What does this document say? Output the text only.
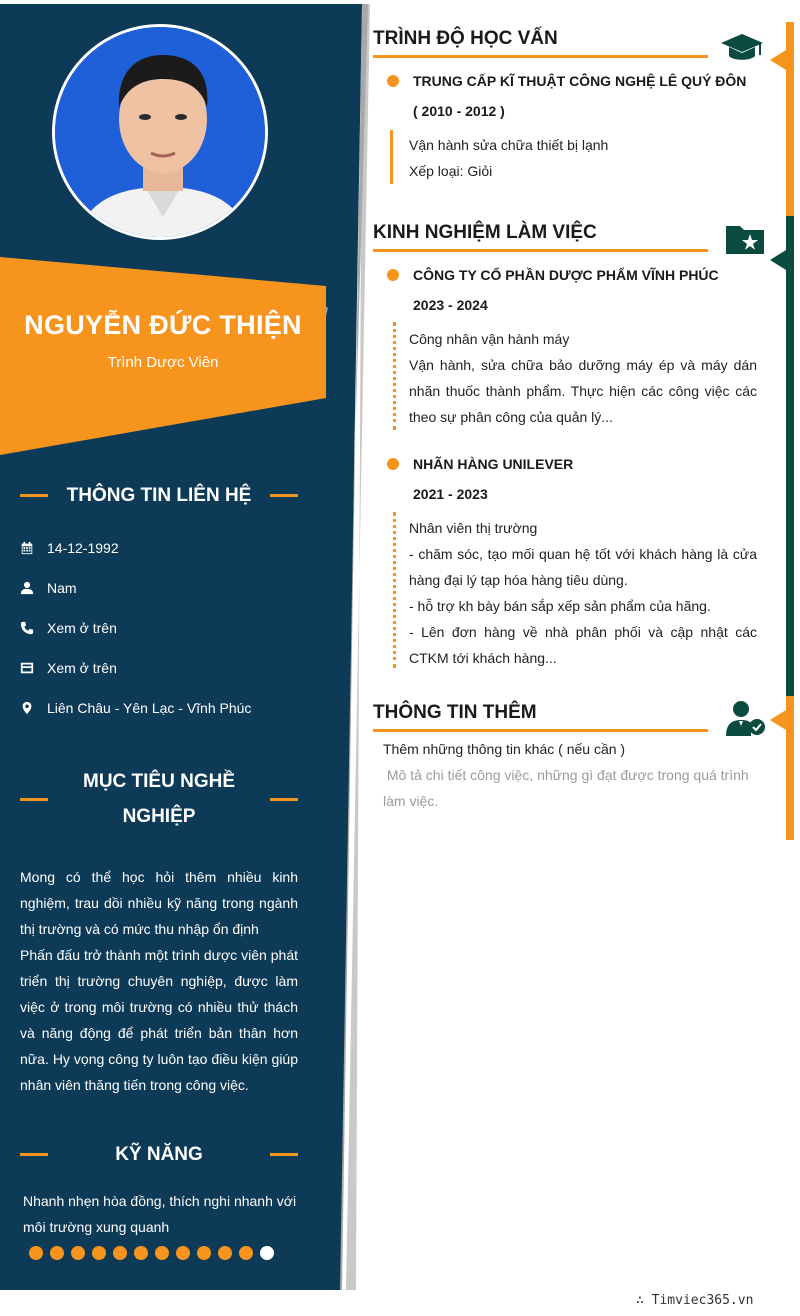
NGUYỄN ĐỨC THIỆN
Trình Dược Viên
THÔNG TIN LIÊN HỆ
14-12-1992
Nam
Xem ở trên
Xem ở trên
Liên Châu - Yên Lạc - Vĩnh Phúc
MỤC TIÊU NGHỀ
NGHIỆP
Mong có thể học hỏi thêm nhiều kinh nghiệm, trau dồi nhiều kỹ năng trong ngành thị trường và có mức thu nhập ổn định
Phấn đấu trở thành một trình dược viên phát triển thị trường chuyên nghiệp, được làm việc ở trong môi trường có nhiều thử thách và năng động để phát triển bản thân hơn nữa. Hy vọng công ty luôn tạo điều kiện giúp nhân viên thăng tiến trong công việc.
KỸ NĂNG
Nhanh nhẹn hòa đồng, thích nghi nhanh với môi trường xung quanh
TRÌNH ĐỘ HỌC VẤN
TRUNG CẤP KĨ THUẬT CÔNG NGHỆ LÊ QUÝ ĐÔN
( 2010 - 2012 )
Vận hành sửa chữa thiết bị lạnh
Xếp loại: Giỏi
KINH NGHIỆM LÀM VIỆC
CÔNG TY CỔ PHẦN DƯỢC PHẨM VĨNH PHÚC
2023 - 2024
Công nhân vận hành máy
Vận hành, sửa chữa bảo dưỡng máy ép và máy dán nhãn thuốc thành phẩm. Thực hiện các công việc các theo sự phân công của quản lý...
NHÃN HÀNG UNILEVER
2021 - 2023
Nhân viên thị trường
- chăm sóc, tạo mối quan hệ tốt với khách hàng là cửa hàng đại lý tạp hóa hàng tiêu dùng.
- hỗ trợ kh bày bán sắp xếp sản phẩm của hãng.
- Lên đơn hàng về nhà phân phối và cập nhật các CTKM tới khách hàng...
THÔNG TIN THÊM
Thêm những thông tin khác ( nếu cần )
Mô tả chi tiết công việc, những gì đạt được trong quá trình làm việc.
∴ Timviec365.vn
